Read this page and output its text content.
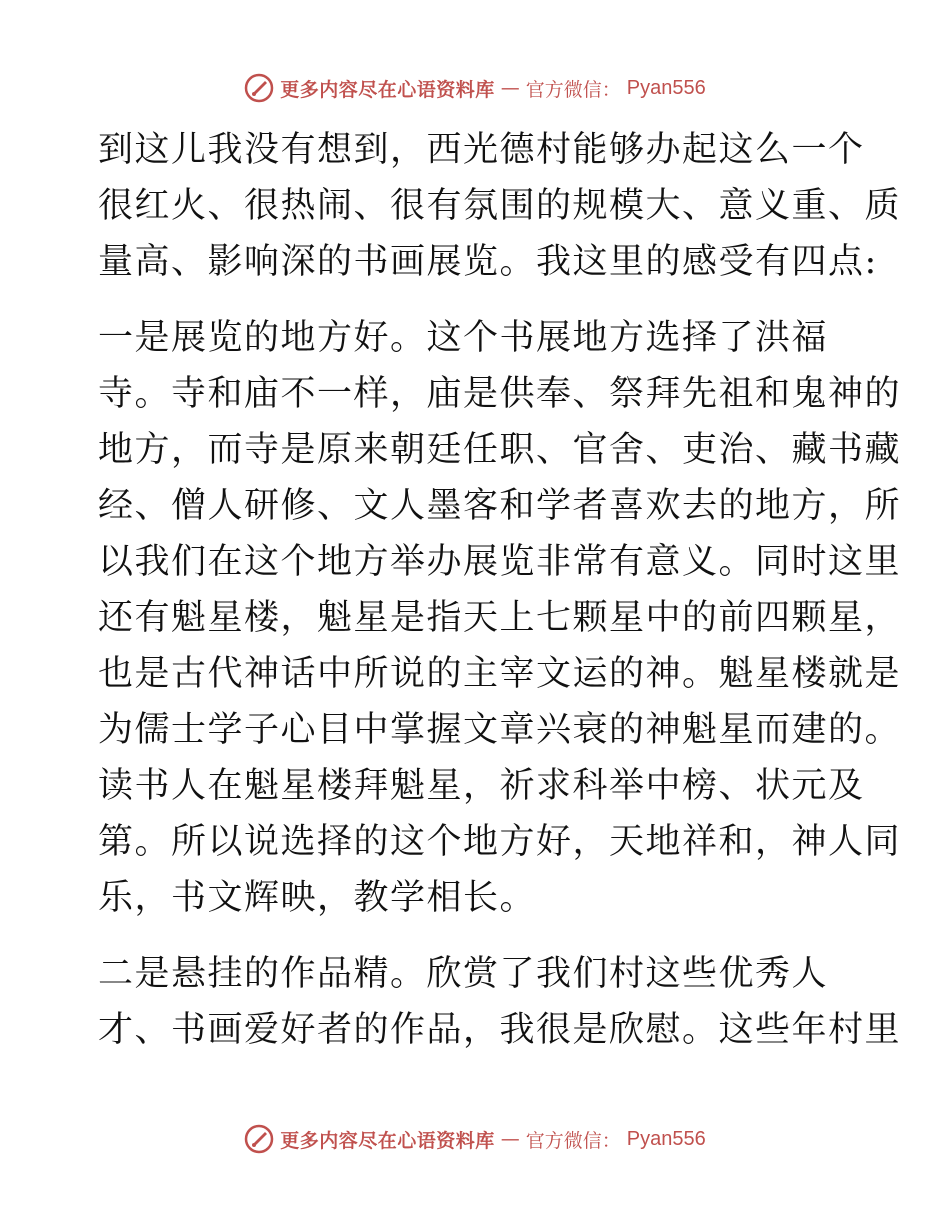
更多内容尽在心语资料库 — 官方微信： Pyan556
到这儿我没有想到，西光德村能够办起这么一个
很红火、很热闹、很有氛围的规模大、意义重、质
量高、影响深的书画展览。我这里的感受有四点:
一是展览的地方好。这个书展地方选择了洪福
寺。寺和庙不一样，庙是供奉、祭拜先祖和鬼神的
地方，而寺是原来朝廷任职、官舍、吏治、藏书藏
经、僧人研修、文人墨客和学者喜欢去的地方，所
以我们在这个地方举办展览非常有意义。同时这里
还有魁星楼，魁星是指天上七颗星中的前四颗星，
也是古代神话中所说的主宰文运的神。魁星楼就是
为儒士学子心目中掌握文章兴衰的神魁星而建的。
读书人在魁星楼拜魁星，祈求科举中榜、状元及
第。所以说选择的这个地方好，天地祥和，神人同
乐，书文辉映，教学相长。
二是悬挂的作品精。欣赏了我们村这些优秀人
才、书画爱好者的作品，我很是欣慰。这些年村里
更多内容尽在心语资料库 — 官方微信： Pyan556
